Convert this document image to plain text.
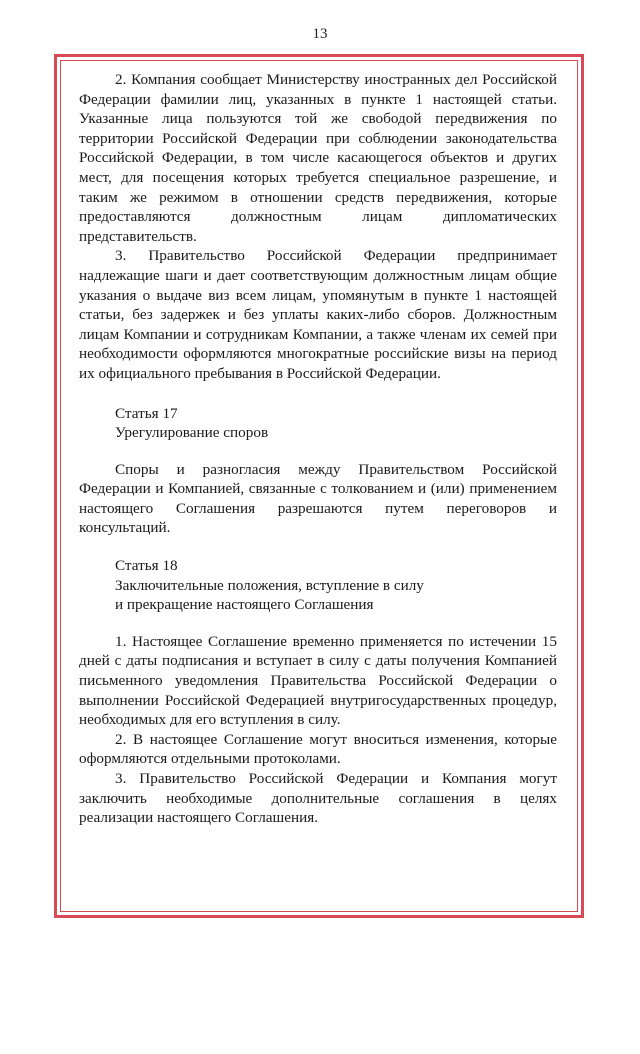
13

2. Компания сообщает Министерству иностранных дел Российской Федерации фамилии лиц, указанных в пункте 1 настоящей статьи. Указанные лица пользуются той же свободой передвижения по территории Российской Федерации при соблюдении законодательства Российской Федерации, в том числе касающегося объектов и других мест, для посещения которых требуется специальное разрешение, и таким же режимом в отношении средств передвижения, которые предоставляются должностным лицам дипломатических представительств.

3. Правительство Российской Федерации предпринимает надлежащие шаги и дает соответствующим должностным лицам общие указания о выдаче виз всем лицам, упомянутым в пункте 1 настоящей статьи, без задержек и без уплаты каких-либо сборов. Должностным лицам Компании и сотрудникам Компании, а также членам их семей при необходимости оформляются многократные российские визы на период их официального пребывания в Российской Федерации.

Статья 17

Урегулирование споров

Споры и разногласия между Правительством Российской Федерации и Компанией, связанные с толкованием и (или) применением настоящего Соглашения разрешаются путем переговоров и консультаций.

Статья 18

Заключительные положения, вступление в силу

и прекращение настоящего Соглашения

1. Настоящее Соглашение временно применяется по истечении 15 дней с даты подписания и вступает в силу с даты получения Компанией письменного уведомления Правительства Российской Федерации о выполнении Российской Федерацией внутригосударственных процедур, необходимых для его вступления в силу.

2. В настоящее Соглашение могут вноситься изменения, которые оформляются отдельными протоколами.

3. Правительство Российской Федерации и Компания могут заключить необходимые дополнительные соглашения в целях реализации настоящего Соглашения.
